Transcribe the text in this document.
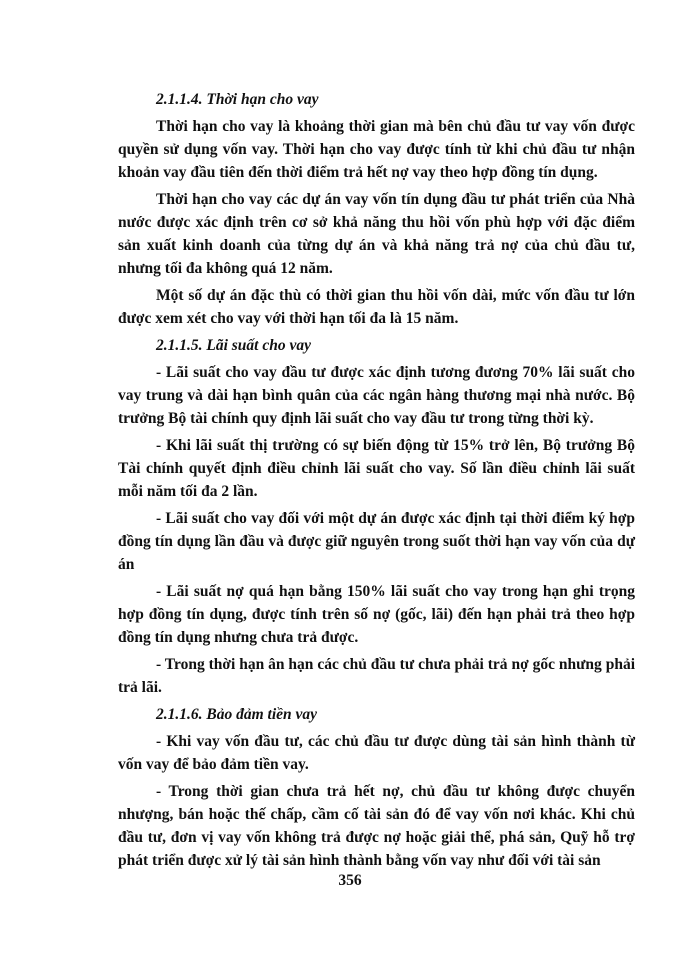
2.1.1.4. Thời hạn cho vay

Thời hạn cho vay là khoảng thời gian mà bên chủ đầu tư vay vốn được quyền sử dụng vốn vay. Thời hạn cho vay được tính từ khi chủ đầu tư nhận khoản vay đầu tiên đến thời điểm trả hết nợ vay theo hợp đồng tín dụng.

Thời hạn cho vay các dự án vay vốn tín dụng đầu tư phát triển của Nhà nước được xác định trên cơ sở khả năng thu hồi vốn phù hợp với đặc điểm sản xuất kinh doanh của từng dự án và khả năng trả nợ của chủ đầu tư, nhưng tối đa không quá 12 năm.

Một số dự án đặc thù có thời gian thu hồi vốn dài, mức vốn đầu tư lớn được xem xét cho vay với thời hạn tối đa là 15 năm.

2.1.1.5. Lãi suất cho vay

- Lãi suất cho vay đầu tư được xác định tương đương 70% lãi suất cho vay trung và dài hạn bình quân của các ngân hàng thương mại nhà nước. Bộ trưởng Bộ tài chính quy định lãi suất cho vay đầu tư trong từng thời kỳ.

- Khi lãi suất thị trường có sự biến động từ 15% trở lên, Bộ trưởng Bộ Tài chính quyết định điều chỉnh lãi suất cho vay. Số lần điều chỉnh lãi suất mỗi năm tối đa 2 lần.

- Lãi suất cho vay đối với một dự án được xác định tại thời điểm ký hợp đồng tín dụng lần đầu và được giữ nguyên trong suốt thời hạn vay vốn của dự án

- Lãi suất nợ quá hạn bằng 150% lãi suất cho vay trong hạn ghi trọng hợp đồng tín dụng, được tính trên số nợ (gốc, lãi) đến hạn phải trả theo hợp đồng tín dụng nhưng chưa trả được.

- Trong thời hạn ân hạn các chủ đầu tư chưa phải trả nợ gốc nhưng phải trả lãi.

2.1.1.6. Bảo đảm tiền vay

- Khi vay vốn đầu tư, các chủ đầu tư được dùng tài sản hình thành từ vốn vay để bảo đảm tiền vay.

- Trong thời gian chưa trả hết nợ, chủ đầu tư không được chuyển nhượng, bán hoặc thế chấp, cầm cố tài sản đó để vay vốn nơi khác. Khi chủ đầu tư, đơn vị vay vốn không trả được nợ hoặc giải thể, phá sản, Quỹ hỗ trợ phát triển được xử lý tài sản hình thành bằng vốn vay như đối với tài sản

356
